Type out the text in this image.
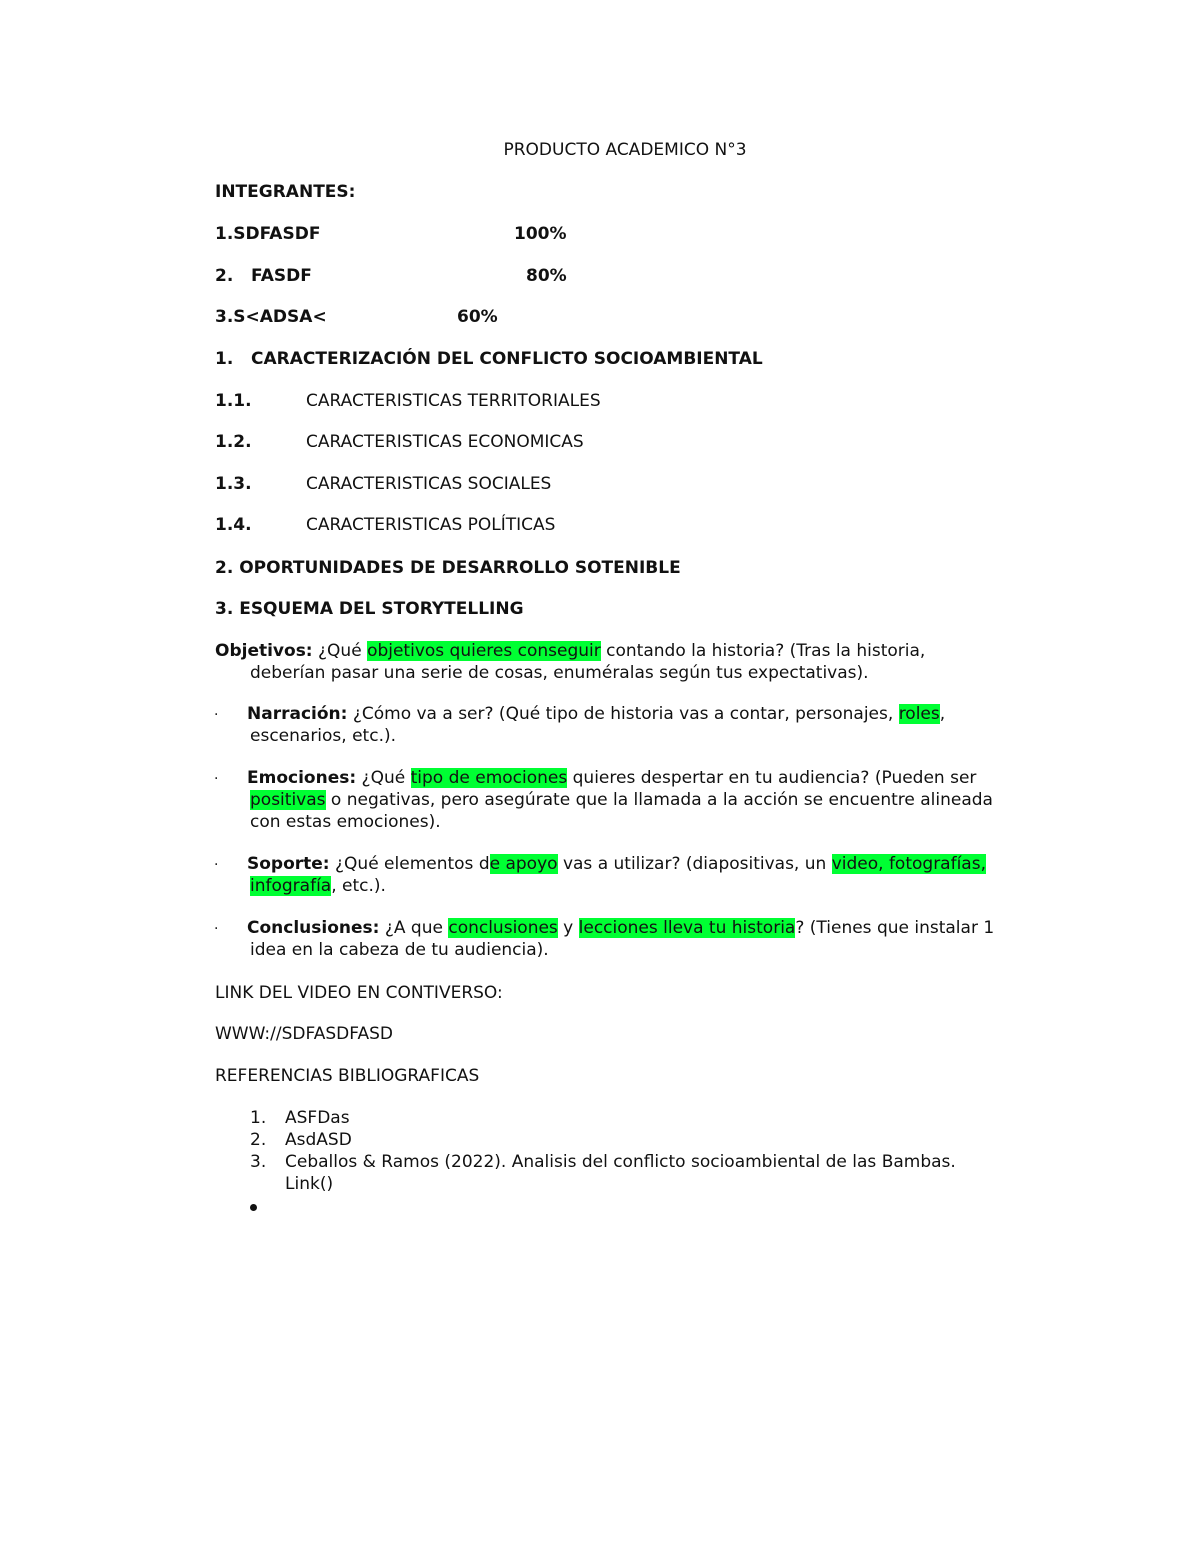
PRODUCTO ACADEMICO N°3
INTEGRANTES:
1.SDFASDF	100%
2.   FASDF	80%
3.S<ADSA<	60%
1.   CARACTERIZACIÓN DEL CONFLICTO SOCIOAMBIENTAL
1.1.	CARACTERISTICAS TERRITORIALES
1.2.	CARACTERISTICAS ECONOMICAS
1.3.	CARACTERISTICAS SOCIALES
1.4.	CARACTERISTICAS POLÍTICAS
2. OPORTUNIDADES DE DESARROLLO SOTENIBLE
3. ESQUEMA DEL STORYTELLING
Objetivos: ¿Qué objetivos quieres conseguir contando la historia? (Tras la historia,
deberían pasar una serie de cosas, enuméralas según tus expectativas).
· Narración: ¿Cómo va a ser? (Qué tipo de historia vas a contar, personajes, roles,
escenarios, etc.).
· Emociones: ¿Qué tipo de emociones quieres despertar en tu audiencia? (Pueden ser
positivas o negativas, pero asegúrate que la llamada a la acción se encuentre alineada
con estas emociones).
· Soporte: ¿Qué elementos de apoyo vas a utilizar? (diapositivas, un video, fotografías,
infografía, etc.).
· Conclusiones: ¿A que conclusiones y lecciones lleva tu historia? (Tienes que instalar 1
idea en la cabeza de tu audiencia).
LINK DEL VIDEO EN CONTIVERSO:
WWW://SDFASDFASD
REFERENCIAS BIBLIOGRAFICAS
1. ASFDas
2. AsdASD
3. Ceballos & Ramos (2022). Analisis del conflicto socioambiental de las Bambas.
Link()
